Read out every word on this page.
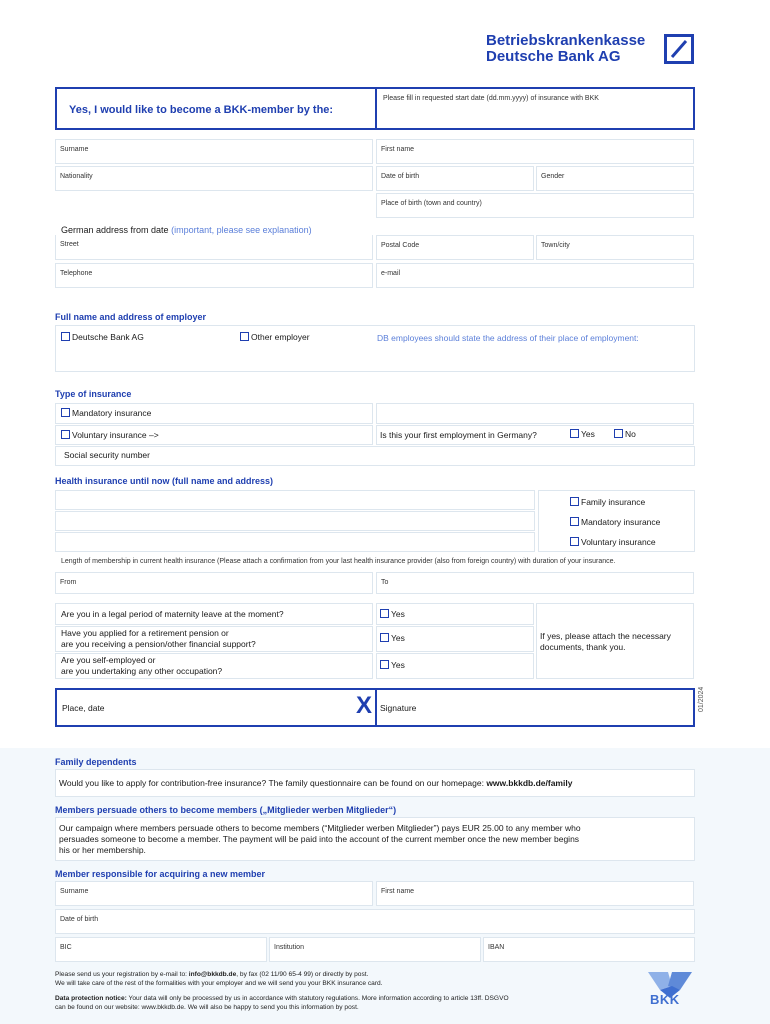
Betriebskrankenkasse
Deutsche Bank AG
Yes, I would like to become a BKK-member by the:
Please fill in requested start date (dd.mm.yyyy) of insurance with BKK
Surname	First name
Nationality	Date of birth	Gender
Place of birth (town and country)
German address from date (important, please see explanation)
Street	Postal Code	Town/city
Telephone	e-mail
Full name and address of employer
Deutsche Bank AG	Other employer	DB employees should state the address of their place of employment:
Type of insurance
Mandatory insurance
Voluntary insurance –>	Is this your first employment in Germany?	Yes	No
Social security number
Health insurance until now (full name and address)
Family insurance
Mandatory insurance
Voluntary insurance
Length of membership in current health insurance (Please attach a confirmation from your last health insurance provider (also from foreign country) with duration of your insurance.
From	To
Are you in a legal period of maternity leave at the moment?	Yes
Have you applied for a retirement pension or
are you receiving a pension/other financial support?
Yes
Are you self-employed or
are you undertaking any other occupation?
Yes
If yes, please attach the necessary
documents, thank you.
Place, date	X Signature	01/2024
Family dependents
Would you like to apply for contribution-free insurance? The family questionnaire can be found on our homepage: www.bkkdb.de/family
Members persuade others to become members („Mitglieder werben Mitglieder“)
Our campaign where members persuade others to become members (“Mitglieder werben Mitglieder”) pays EUR 25.00 to any member who
persuades someone to become a member. The payment will be paid into the account of the current member once the new member begins
his or her membership.
Member responsible for acquiring a new member
Surname	First name
Date of birth
BIC	Institution	IBAN
Please send us your registration by e-mail to: info@bkkdb.de, by fax (02 11/90 65-4 99) or directly by post.
We will take care of the rest of the formalities with your employer and we will send you your BKK insurance card.
Data protection notice: Your data will only be processed by us in accordance with statutory regulations. More information according to article 13ff. DSGVO
can be found on our website: www.bkkdb.de. We will also be happy to send you this information by post.
BKK
